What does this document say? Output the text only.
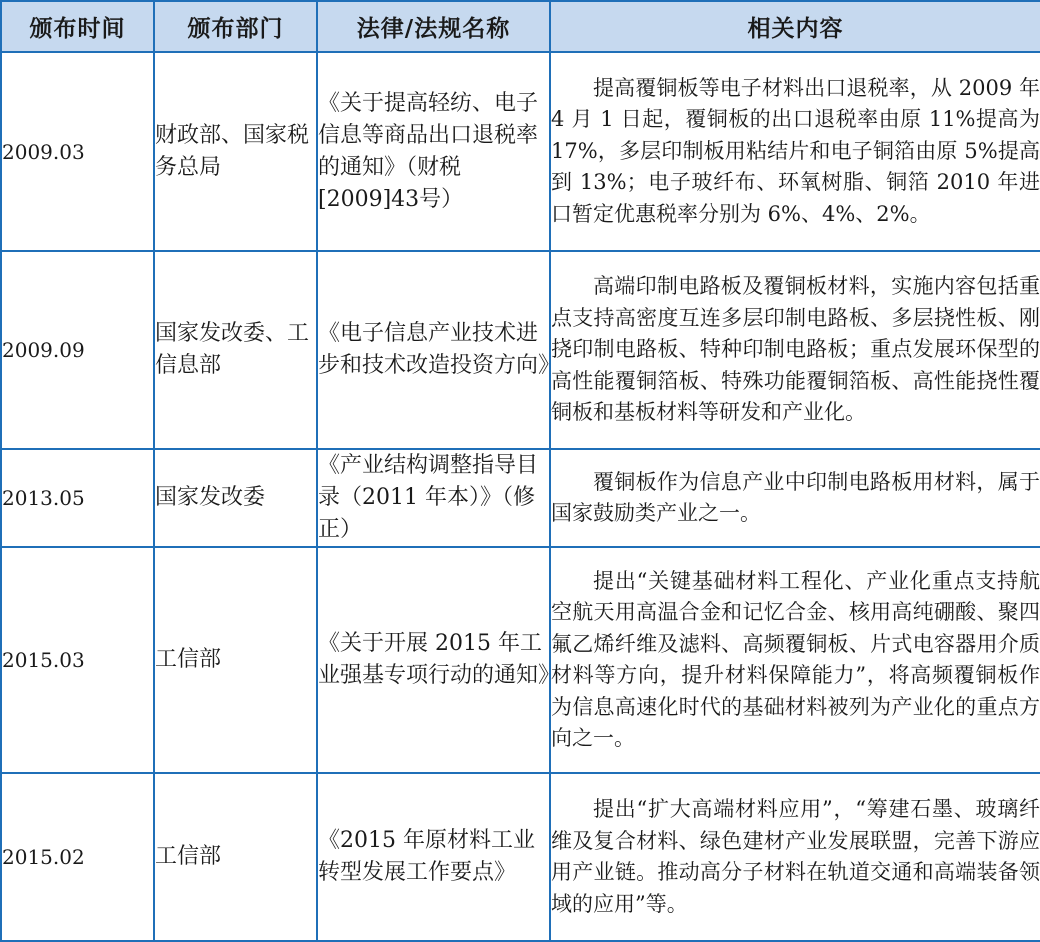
颁布时间	颁布部门	法律/法规名称	相关内容
2009.03	财政部、国家税务总局	《关于提高轻纺、电子信息等商品出口退税率的通知》（财税[2009]43号）	提高覆铜板等电子材料出口退税率，从 2009 年 4 月 1 日起，覆铜板的出口退税率由原 11%提高为 17%，多层印制板用粘结片和电子铜箔由原 5%提高到 13%；电子玻纤布、环氧树脂、铜箔 2010 年进口暂定优惠税率分别为 6%、4%、2%。
2009.09	国家发改委、工信息部	《电子信息产业技术进步和技术改造投资方向》	高端印制电路板及覆铜板材料，实施内容包括重点支持高密度互连多层印制电路板、多层挠性板、刚挠印制电路板、特种印制电路板；重点发展环保型的高性能覆铜箔板、特殊功能覆铜箔板、高性能挠性覆铜板和基板材料等研发和产业化。
2013.05	国家发改委	《产业结构调整指导目录（2011 年本）》（修正）	覆铜板作为信息产业中印制电路板用材料，属于国家鼓励类产业之一。
2015.03	工信部	《关于开展 2015 年工业强基专项行动的通知》	提出“关键基础材料工程化、产业化重点支持航空航天用高温合金和记忆合金、核用高纯硼酸、聚四氟乙烯纤维及滤料、高频覆铜板、片式电容器用介质材料等方向，提升材料保障能力”，将高频覆铜板作为信息高速化时代的基础材料被列为产业化的重点方向之一。
2015.02	工信部	《2015 年原材料工业转型发展工作要点》	提出“扩大高端材料应用”，“筹建石墨、玻璃纤维及复合材料、绿色建材产业发展联盟，完善下游应用产业链。推动高分子材料在轨道交通和高端装备领域的应用”等。
